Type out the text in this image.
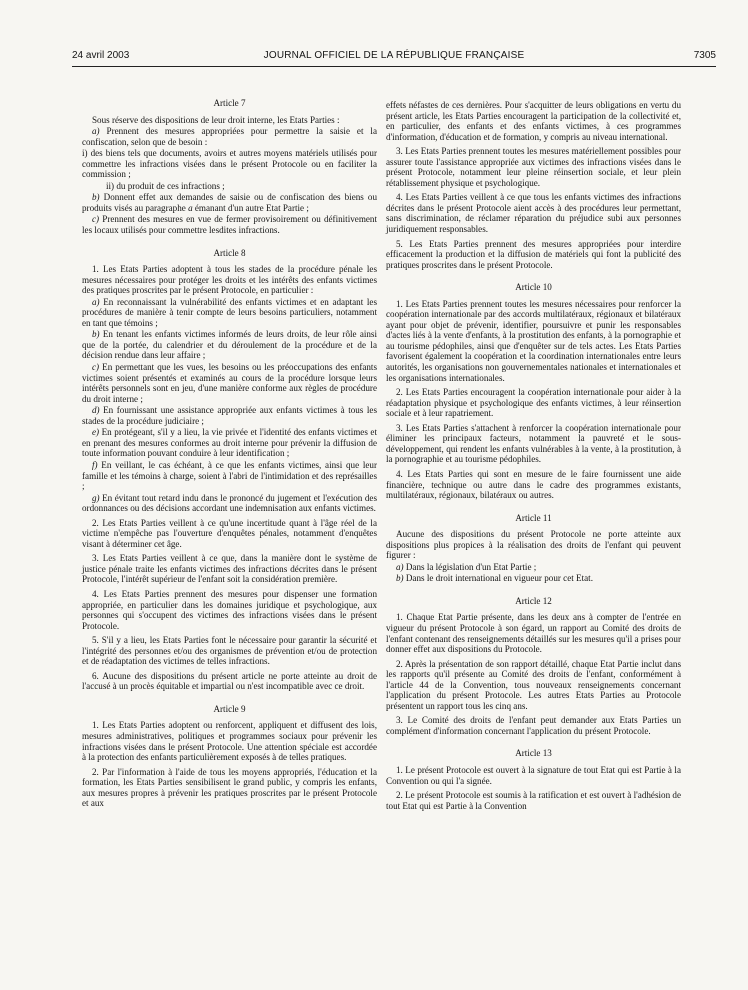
24 avril 2003	JOURNAL OFFICIEL DE LA RÉPUBLIQUE FRANÇAISE	7305
Article 7

Sous réserve des dispositions de leur droit interne, les Etats Parties :

a) Prennent des mesures appropriées pour permettre la saisie et la confiscation, selon que de besoin :

i) des biens tels que documents, avoirs et autres moyens matériels utilisés pour commettre les infractions visées dans le présent Protocole ou en faciliter la commission ;

ii) du produit de ces infractions ;

b) Donnent effet aux demandes de saisie ou de confiscation des biens ou produits visés au paragraphe a émanant d'un autre Etat Partie ;

c) Prennent des mesures en vue de fermer provisoirement ou définitivement les locaux utilisés pour commettre lesdites infractions.

Article 8

1. Les Etats Parties adoptent à tous les stades de la procédure pénale les mesures nécessaires pour protéger les droits et les intérêts des enfants victimes des pratiques proscrites par le présent Protocole, en particulier :

a) En reconnaissant la vulnérabilité des enfants victimes et en adaptant les procédures de manière à tenir compte de leurs besoins particuliers, notamment en tant que témoins ;

b) En tenant les enfants victimes informés de leurs droits, de leur rôle ainsi que de la portée, du calendrier et du déroulement de la procédure et de la décision rendue dans leur affaire ;

c) En permettant que les vues, les besoins ou les préoccupations des enfants victimes soient présentés et examinés au cours de la procédure lorsque leurs intérêts personnels sont en jeu, d'une manière conforme aux règles de procédure du droit interne ;

d) En fournissant une assistance appropriée aux enfants victimes à tous les stades de la procédure judiciaire ;

e) En protégeant, s'il y a lieu, la vie privée et l'identité des enfants victimes et en prenant des mesures conformes au droit interne pour prévenir la diffusion de toute information pouvant conduire à leur identification ;

f) En veillant, le cas échéant, à ce que les enfants victimes, ainsi que leur famille et les témoins à charge, soient à l'abri de l'intimidation et des représailles ;

g) En évitant tout retard indu dans le prononcé du jugement et l'exécution des ordonnances ou des décisions accordant une indemnisation aux enfants victimes.

2. Les Etats Parties veillent à ce qu'une incertitude quant à l'âge réel de la victime n'empêche pas l'ouverture d'enquêtes pénales, notamment d'enquêtes visant à déterminer cet âge.

3. Les Etats Parties veillent à ce que, dans la manière dont le système de justice pénale traite les enfants victimes des infractions décrites dans le présent Protocole, l'intérêt supérieur de l'enfant soit la considération première.

4. Les Etats Parties prennent des mesures pour dispenser une formation appropriée, en particulier dans les domaines juridique et psychologique, aux personnes qui s'occupent des victimes des infractions visées dans le présent Protocole.

5. S'il y a lieu, les Etats Parties font le nécessaire pour garantir la sécurité et l'intégrité des personnes et/ou des organismes de prévention et/ou de protection et de réadaptation des victimes de telles infractions.

6. Aucune des dispositions du présent article ne porte atteinte au droit de l'accusé à un procès équitable et impartial ou n'est incompatible avec ce droit.

Article 9

1. Les Etats Parties adoptent ou renforcent, appliquent et diffusent des lois, mesures administratives, politiques et programmes sociaux pour prévenir les infractions visées dans le présent Protocole. Une attention spéciale est accordée à la protection des enfants particulièrement exposés à de telles pratiques.

2. Par l'information à l'aide de tous les moyens appropriés, l'éducation et la formation, les Etats Parties sensibilisent le grand public, y compris les enfants, aux mesures propres à prévenir les pratiques proscrites par le présent Protocole et aux

effets néfastes de ces dernières. Pour s'acquitter de leurs obligations en vertu du présent article, les Etats Parties encouragent la participation de la collectivité et, en particulier, des enfants et des enfants victimes, à ces programmes d'information, d'éducation et de formation, y compris au niveau international.

3. Les Etats Parties prennent toutes les mesures matériellement possibles pour assurer toute l'assistance appropriée aux victimes des infractions visées dans le présent Protocole, notamment leur pleine réinsertion sociale, et leur plein rétablissement physique et psychologique.

4. Les Etats Parties veillent à ce que tous les enfants victimes des infractions décrites dans le présent Protocole aient accès à des procédures leur permettant, sans discrimination, de réclamer réparation du préjudice subi aux personnes juridiquement responsables.

5. Les Etats Parties prennent des mesures appropriées pour interdire efficacement la production et la diffusion de matériels qui font la publicité des pratiques proscrites dans le présent Protocole.

Article 10

1. Les Etats Parties prennent toutes les mesures nécessaires pour renforcer la coopération internationale par des accords multilatéraux, régionaux et bilatéraux ayant pour objet de prévenir, identifier, poursuivre et punir les responsables d'actes liés à la vente d'enfants, à la prostitution des enfants, à la pornographie et au tourisme pédophiles, ainsi que d'enquêter sur de tels actes. Les Etats Parties favorisent également la coopération et la coordination internationales entre leurs autorités, les organisations non gouvernementales nationales et internationales et les organisations internationales.

2. Les Etats Parties encouragent la coopération internationale pour aider à la réadaptation physique et psychologique des enfants victimes, à leur réinsertion sociale et à leur rapatriement.

3. Les Etats Parties s'attachent à renforcer la coopération internationale pour éliminer les principaux facteurs, notamment la pauvreté et le sous-développement, qui rendent les enfants vulnérables à la vente, à la prostitution, à la pornographie et au tourisme pédophiles.

4. Les Etats Parties qui sont en mesure de le faire fournissent une aide financière, technique ou autre dans le cadre des programmes existants, multilatéraux, régionaux, bilatéraux ou autres.

Article 11

Aucune des dispositions du présent Protocole ne porte atteinte aux dispositions plus propices à la réalisation des droits de l'enfant qui peuvent figurer :

a) Dans la législation d'un Etat Partie ;

b) Dans le droit international en vigueur pour cet Etat.

Article 12

1. Chaque Etat Partie présente, dans les deux ans à compter de l'entrée en vigueur du présent Protocole à son égard, un rapport au Comité des droits de l'enfant contenant des renseignements détaillés sur les mesures qu'il a prises pour donner effet aux dispositions du Protocole.

2. Après la présentation de son rapport détaillé, chaque Etat Partie inclut dans les rapports qu'il présente au Comité des droits de l'enfant, conformément à l'article 44 de la Convention, tous nouveaux renseignements concernant l'application du présent Protocole. Les autres Etats Parties au Protocole présentent un rapport tous les cinq ans.

3. Le Comité des droits de l'enfant peut demander aux Etats Parties un complément d'information concernant l'application du présent Protocole.

Article 13

1. Le présent Protocole est ouvert à la signature de tout Etat qui est Partie à la Convention ou qui l'a signée.

2. Le présent Protocole est soumis à la ratification et est ouvert à l'adhésion de tout Etat qui est Partie à la Convention
